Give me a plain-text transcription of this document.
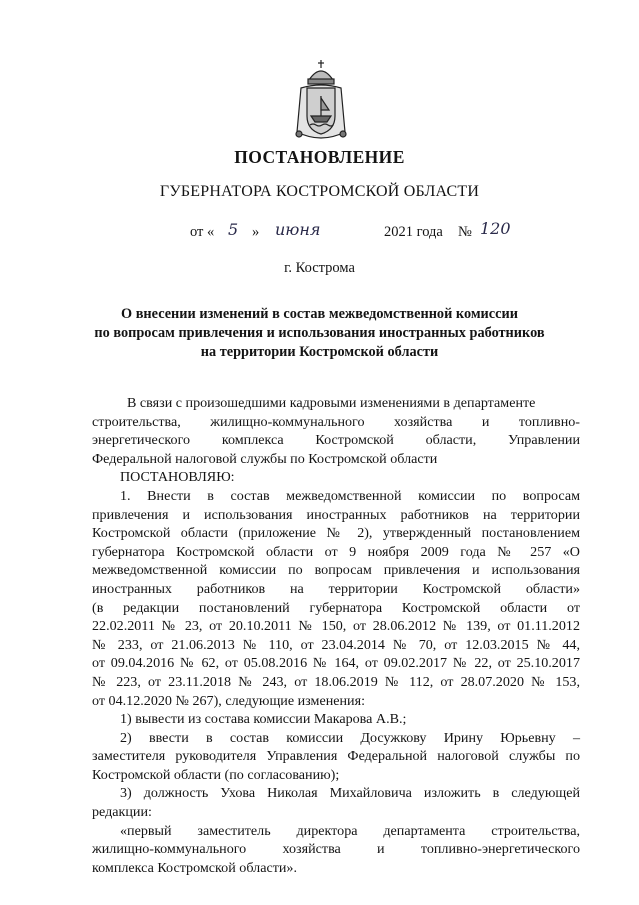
ПОСТАНОВЛЕНИЕ
ГУБЕРНАТОРА КОСТРОМСКОЙ ОБЛАСТИ
от « 5 » июня	2021 года № 120
г. Кострома
О внесении изменений в состав межведомственной комиссии
по вопросам привлечения и использования иностранных работников
на территории Костромской области
В связи с произошедшими кадровыми изменениями в департаменте
строительства, жилищно-коммунального хозяйства и топливно-
энергетического комплекса Костромской области, Управлении
Федеральной налоговой службы по Костромской области
ПОСТАНОВЛЯЮ:
1. Внести в состав межведомственной комиссии по вопросам
привлечения и использования иностранных работников на территории
Костромской области (приложение № 2), утвержденный постановлением
губернатора Костромской области от 9 ноября 2009 года № 257 «О
межведомственной комиссии по вопросам привлечения и использования
иностранных работников на территории Костромской области»
(в редакции постановлений губернатора Костромской области от
22.02.2011 № 23, от 20.10.2011 № 150, от 28.06.2012 № 139, от 01.11.2012
№ 233, от 21.06.2013 № 110, от 23.04.2014 № 70, от 12.03.2015 № 44,
от 09.04.2016 № 62, от 05.08.2016 № 164, от 09.02.2017 № 22, от 25.10.2017
№ 223, от 23.11.2018 № 243, от 18.06.2019 № 112, от 28.07.2020 № 153,
от 04.12.2020 № 267), следующие изменения:
1) вывести из состава комиссии Макарова А.В.;
2) ввести в состав комиссии Досужкову Ирину Юрьевну –
заместителя руководителя Управления Федеральной налоговой службы по
Костромской области (по согласованию);
3) должность Ухова Николая Михайловича изложить в следующей
редакции:
«первый заместитель директора департамента строительства,
жилищно-коммунального хозяйства и топливно-энергетического
комплекса Костромской области».
